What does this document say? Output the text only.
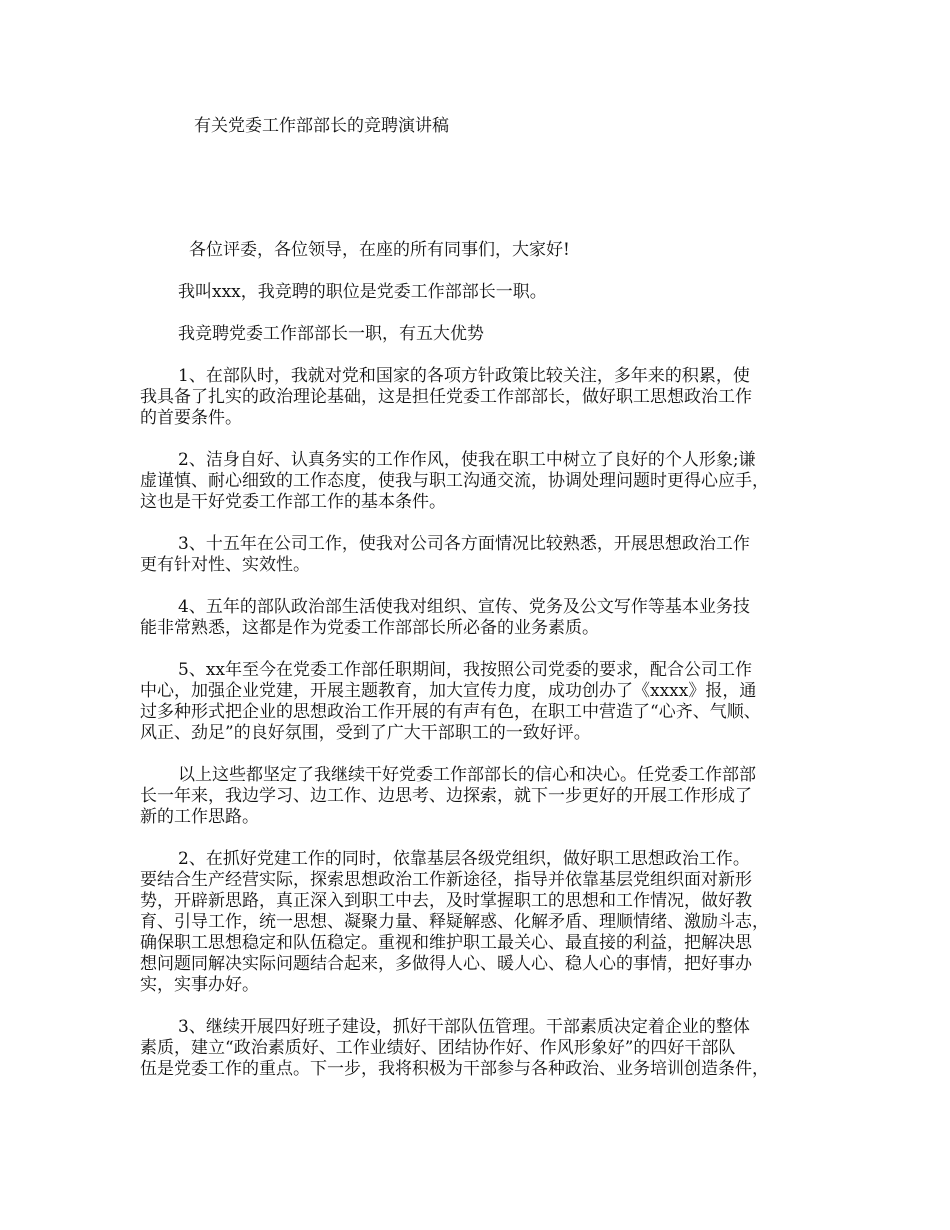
有关党委工作部部长的竞聘演讲稿
各位评委，各位领导，在座的所有同事们，大家好!
我叫xxx，我竞聘的职位是党委工作部部长一职。
我竞聘党委工作部部长一职，有五大优势
1、在部队时，我就对党和国家的各项方针政策比较关注，多年来的积累，使
我具备了扎实的政治理论基础，这是担任党委工作部部长，做好职工思想政治工作
的首要条件。
2、洁身自好、认真务实的工作作风，使我在职工中树立了良好的个人形象;谦
虚谨慎、耐心细致的工作态度，使我与职工沟通交流，协调处理问题时更得心应手，
这也是干好党委工作部工作的基本条件。
3、十五年在公司工作，使我对公司各方面情况比较熟悉，开展思想政治工作
更有针对性、实效性。
4、五年的部队政治部生活使我对组织、宣传、党务及公文写作等基本业务技
能非常熟悉，这都是作为党委工作部部长所必备的业务素质。
5、xx年至今在党委工作部任职期间，我按照公司党委的要求，配合公司工作
中心，加强企业党建，开展主题教育，加大宣传力度，成功创办了《xxxx》报，通
过多种形式把企业的思想政治工作开展的有声有色，在职工中营造了“心齐、气顺、
风正、劲足”的良好氛围，受到了广大干部职工的一致好评。
以上这些都坚定了我继续干好党委工作部部长的信心和决心。任党委工作部部
长一年来，我边学习、边工作、边思考、边探索，就下一步更好的开展工作形成了
新的工作思路。
2、在抓好党建工作的同时，依靠基层各级党组织，做好职工思想政治工作。
要结合生产经营实际，探索思想政治工作新途径，指导并依靠基层党组织面对新形
势，开辟新思路，真正深入到职工中去，及时掌握职工的思想和工作情况，做好教
育、引导工作，统一思想、凝聚力量、释疑解惑、化解矛盾、理顺情绪、激励斗志，
确保职工思想稳定和队伍稳定。重视和维护职工最关心、最直接的利益，把解决思
想问题同解决实际问题结合起来，多做得人心、暖人心、稳人心的事情，把好事办
实，实事办好。
3、继续开展四好班子建设，抓好干部队伍管理。干部素质决定着企业的整体
素质，建立“政治素质好、工作业绩好、团结协作好、作风形象好”的四好干部队
伍是党委工作的重点。下一步，我将积极为干部参与各种政治、业务培训创造条件，
